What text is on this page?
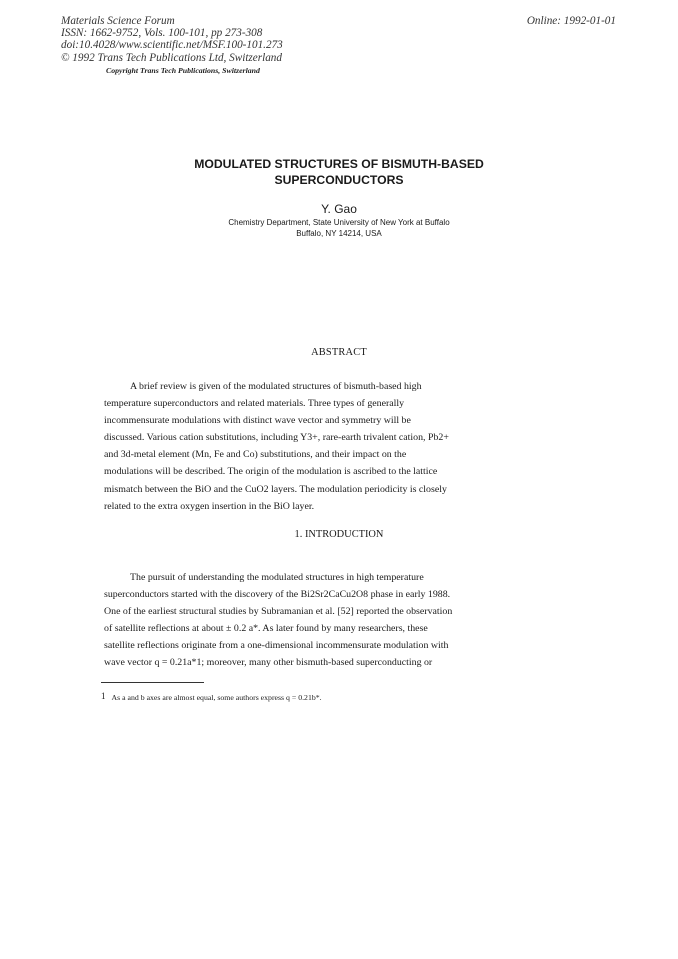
Materials Science Forum
ISSN: 1662-9752, Vols. 100-101, pp 273-308
doi:10.4028/www.scientific.net/MSF.100-101.273
© 1992 Trans Tech Publications Ltd, Switzerland
Copyright Trans Tech Publications, Switzerland
Online: 1992-01-01
MODULATED STRUCTURES OF BISMUTH-BASED
SUPERCONDUCTORS
Y. Gao
Chemistry Department, State University of New York at Buffalo
Buffalo, NY 14214, USA
ABSTRACT
A brief review is given of the modulated structures of bismuth-based high
temperature superconductors and related materials. Three types of generally
incommensurate modulations with distinct wave vector and symmetry will be
discussed. Various cation substitutions, including Y3+, rare-earth trivalent cation, Pb2+
and 3d-metal element (Mn, Fe and Co) substitutions, and their impact on the
modulations will be described. The origin of the modulation is ascribed to the lattice
mismatch between the BiO and the CuO2 layers. The modulation periodicity is closely
related to the extra oxygen insertion in the BiO layer.
1. INTRODUCTION
The pursuit of understanding the modulated structures in high temperature
superconductors started with the discovery of the Bi2Sr2CaCu2O8 phase in early 1988.
One of the earliest structural studies by Subramanian et al. [52] reported the observation
of satellite reflections at about ± 0.2 a*. As later found by many researchers, these
satellite reflections originate from a one-dimensional incommensurate modulation with
wave vector q = 0.21a*1; moreover, many other bismuth-based superconducting or
1 As a and b axes are almost equal, some authors express q = 0.21b*.
